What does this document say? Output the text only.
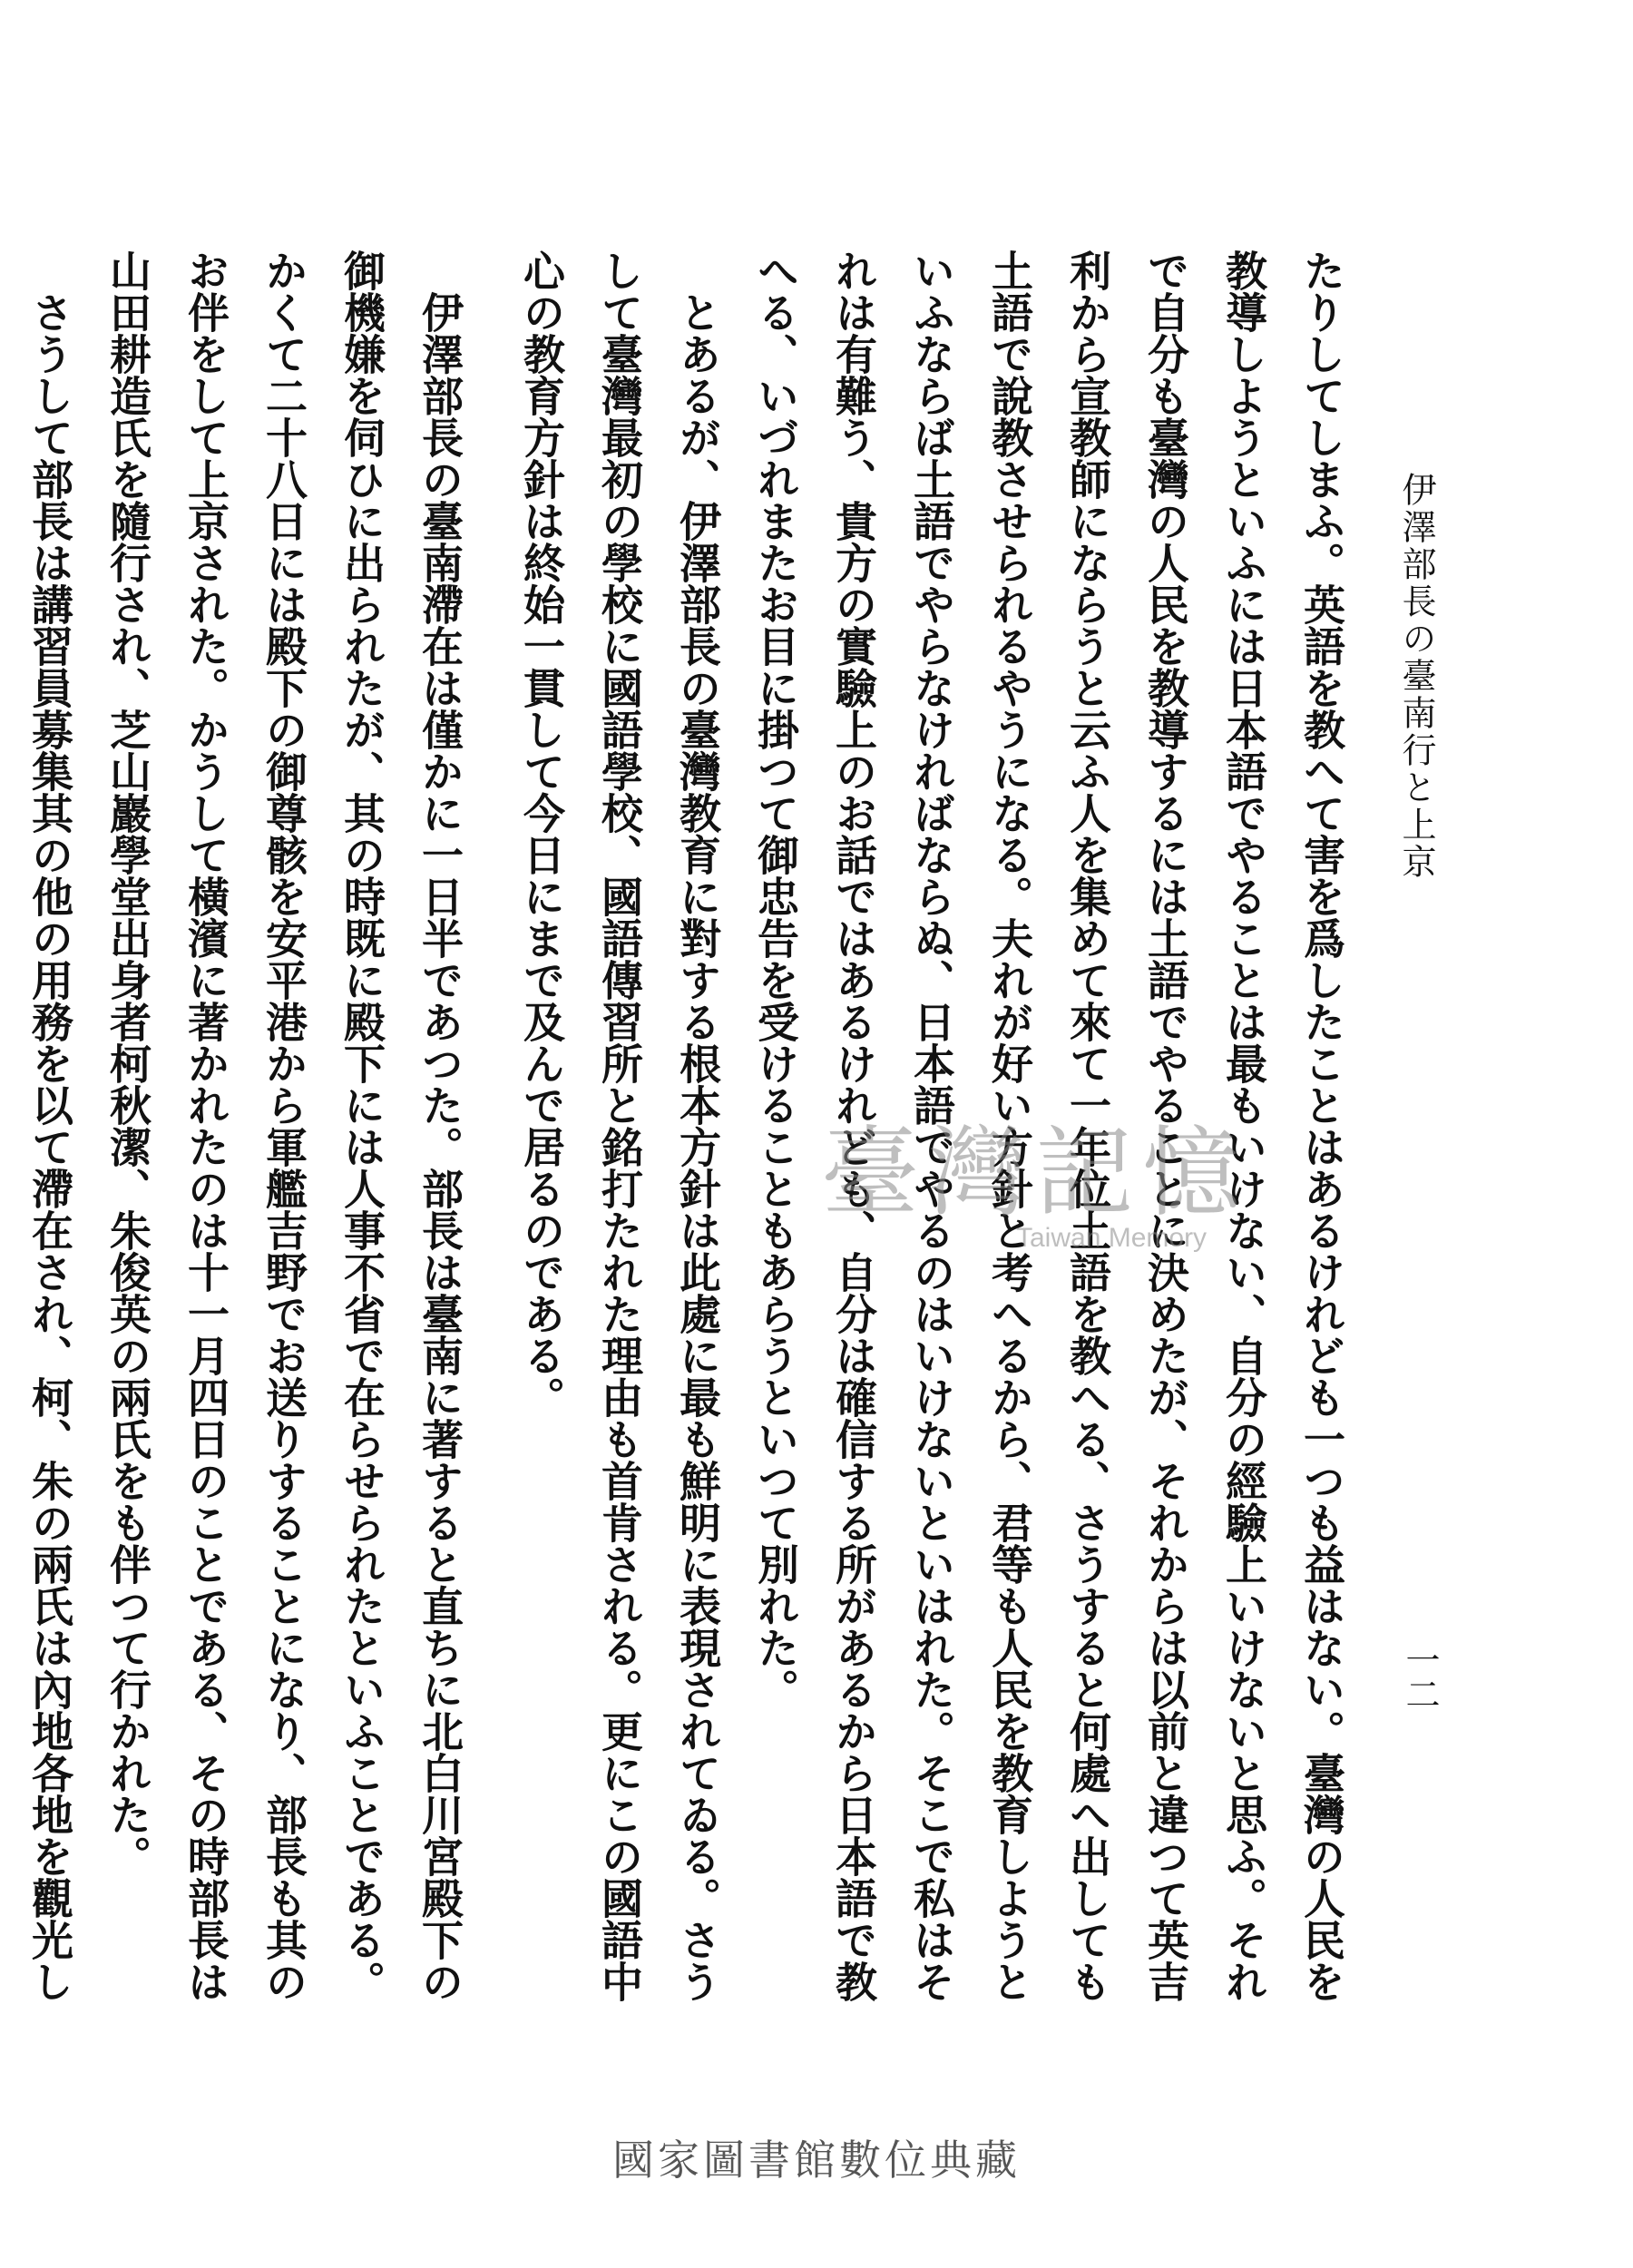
伊澤部長の臺南行と上京
一二

たりしてしまふ。英語を教へて害を爲したことはあるけれども一つも益はない。臺灣の人民を教導しようといふには日本語でやることは最もいけない、自分の經驗上いけないと思ふ。それで自分も臺灣の人民を教導するには土語でやることに決めたが、それからは以前と違つて英吉利から宣教師にならうと云ふ人を集めて來て一年位土語を教へる、さうすると何處へ出しても土語で說教させられるやうになる。夫れが好い方針と考へるから、君等も人民を教育しようといふならば土語でやらなければならぬ、日本語でやるのはいけないといはれた。そこで私はそれは有難う、貴方の實驗上のお話ではあるけれども、自分は確信する所があるから日本語で教へる、いづれまたお目に掛つて御忠告を受けることもあらうといつて別れた。

とあるが、伊澤部長の臺灣教育に對する根本方針は此處に最も鮮明に表現されてゐる。さうして臺灣最初の學校に國語學校、國語傳習所と銘打たれた理由も首肯される。更にこの國語中心の教育方針は終始一貫して今日にまで及んで居るのである。

伊澤部長の臺南滯在は僅かに一日半であつた。部長は臺南に著すると直ちに北白川宮殿下の御機嫌を伺ひに出られたが、其の時既に殿下には人事不省で在らせられたといふことである。かくて二十八日には殿下の御尊骸を安平港から軍艦吉野でお送りすることになり、部長も其のお伴をして上京された。かうして橫濱に著かれたのは十一月四日のことである、その時部長は山田耕造氏を隨行され、芝山巖學堂出身者柯秋潔、朱俊英の兩氏をも伴つて行かれた。

さうして部長は講習員募集其の他の用務を以て滯在され、柯、朱の兩氏は內地各地を觀光し

臺灣記憶
Taiwan Memory
國家圖書館數位典藏
